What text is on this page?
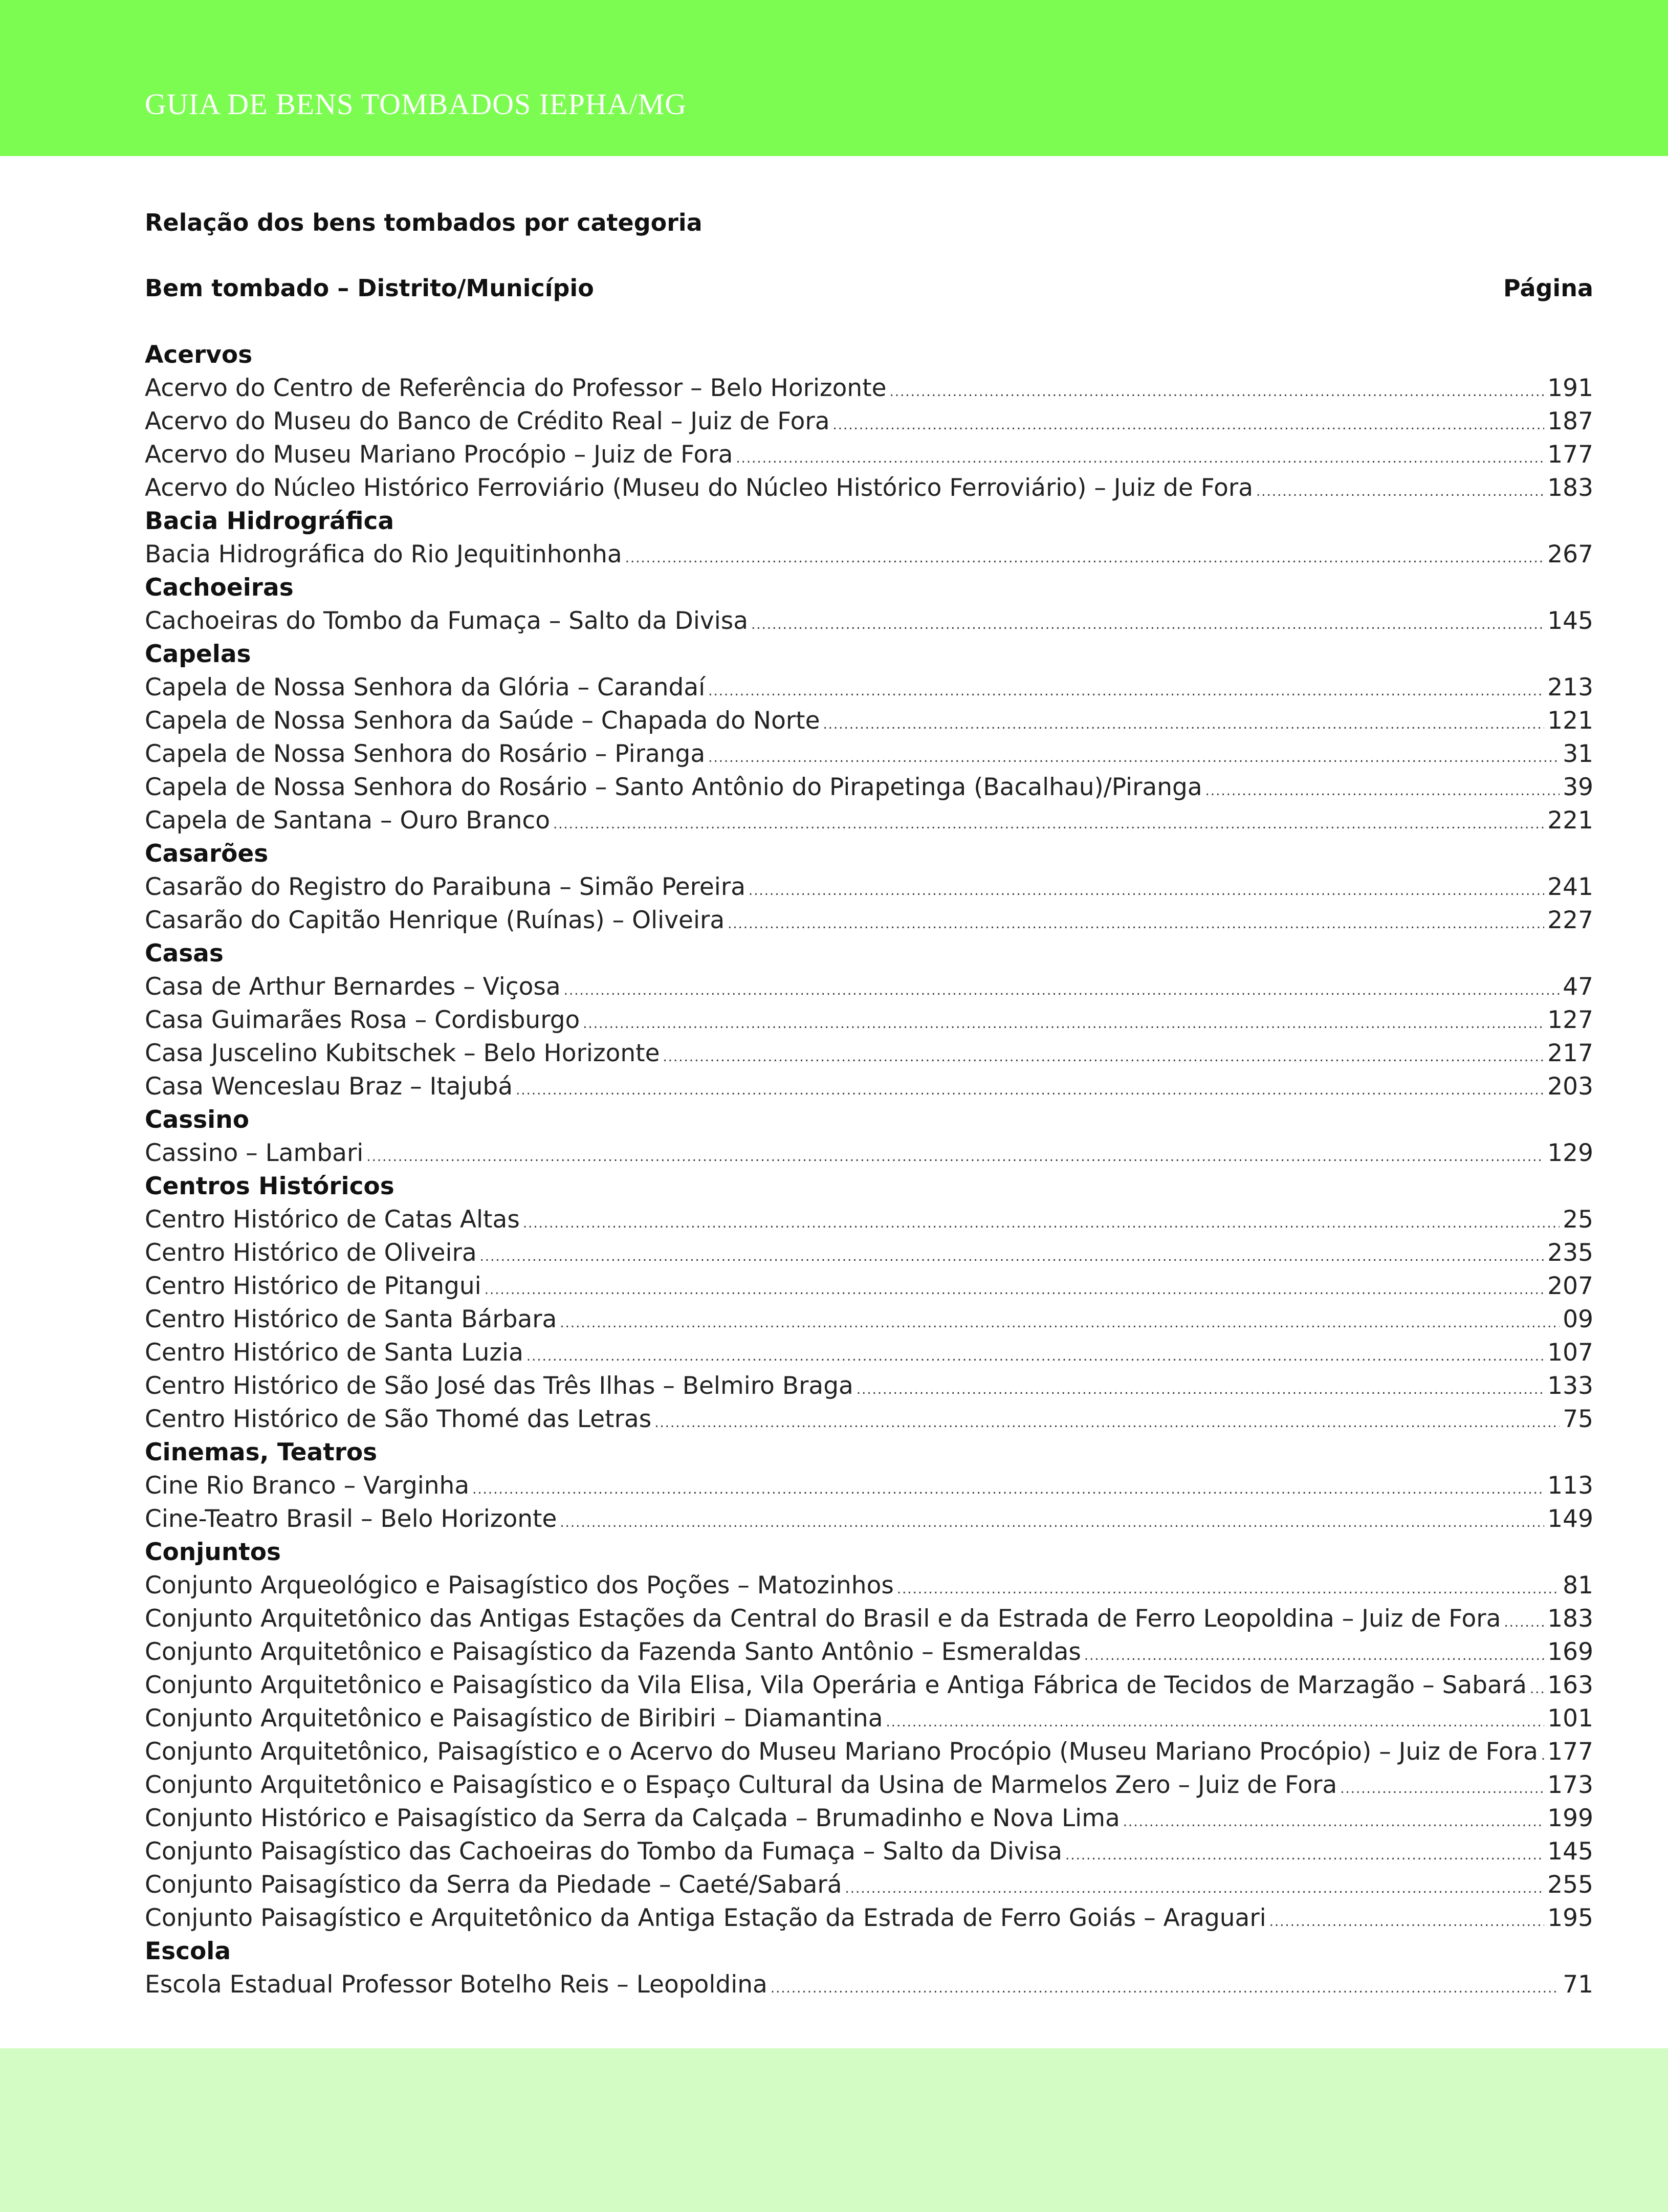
GUIA DE BENS TOMBADOS IEPHA/MG
Relação dos bens tombados por categoria
Bem tombado – Distrito/Município	Página
Acervos
Acervo do Centro de Referência do Professor – Belo Horizonte .....	191
Acervo do Museu do Banco de Crédito Real – Juiz de Fora .....	187
Acervo do Museu Mariano Procópio – Juiz de Fora .....	177
Acervo do Núcleo Histórico Ferroviário (Museu do Núcleo Histórico Ferroviário) – Juiz de Fora .....	183
Bacia Hidrográfica
Bacia Hidrográfica do Rio Jequitinhonha .....	267
Cachoeiras
Cachoeiras do Tombo da Fumaça – Salto da Divisa .....	145
Capelas
Capela de Nossa Senhora da Glória – Carandaí .....	213
Capela de Nossa Senhora da Saúde – Chapada do Norte .....	121
Capela de Nossa Senhora do Rosário – Piranga .....	31
Capela de Nossa Senhora do Rosário – Santo Antônio do Pirapetinga (Bacalhau)/Piranga .....	39
Capela de Santana – Ouro Branco .....	221
Casarões
Casarão do Registro do Paraibuna – Simão Pereira .....	241
Casarão do Capitão Henrique (Ruínas) – Oliveira .....	227
Casas
Casa de Arthur Bernardes – Viçosa .....	47
Casa Guimarães Rosa – Cordisburgo .....	127
Casa Juscelino Kubitschek – Belo Horizonte .....	217
Casa Wenceslau Braz – Itajubá .....	203
Cassino
Cassino – Lambari .....	129
Centros Históricos
Centro Histórico de Catas Altas .....	25
Centro Histórico de Oliveira .....	235
Centro Histórico de Pitangui .....	207
Centro Histórico de Santa Bárbara .....	09
Centro Histórico de Santa Luzia .....	107
Centro Histórico de São José das Três Ilhas – Belmiro Braga .....	133
Centro Histórico de São Thomé das Letras .....	75
Cinemas, Teatros
Cine Rio Branco – Varginha .....	113
Cine-Teatro Brasil – Belo Horizonte .....	149
Conjuntos
Conjunto Arqueológico e Paisagístico dos Poções – Matozinhos .....	81
Conjunto Arquitetônico das Antigas Estações da Central do Brasil e da Estrada de Ferro Leopoldina – Juiz de Fora ..... 183
Conjunto Arquitetônico e Paisagístico da Fazenda Santo Antônio – Esmeraldas .....	169
Conjunto Arquitetônico e Paisagístico da Vila Elisa, Vila Operária e Antiga Fábrica de Tecidos de Marzagão – Sabará ..... 163
Conjunto Arquitetônico e Paisagístico de Biribiri – Diamantina .....	101
Conjunto Arquitetônico, Paisagístico e o Acervo do Museu Mariano Procópio (Museu Mariano Procópio) – Juiz de Fora ..... 177
Conjunto Arquitetônico e Paisagístico e o Espaço Cultural da Usina de Marmelos Zero – Juiz de Fora .....	173
Conjunto Histórico e Paisagístico da Serra da Calçada – Brumadinho e Nova Lima .....	199
Conjunto Paisagístico das Cachoeiras do Tombo da Fumaça – Salto da Divisa .....	145
Conjunto Paisagístico da Serra da Piedade – Caeté/Sabará .....	255
Conjunto Paisagístico e Arquitetônico da Antiga Estação da Estrada de Ferro Goiás – Araguari .....	195
Escola
Escola Estadual Professor Botelho Reis – Leopoldina .....	71
